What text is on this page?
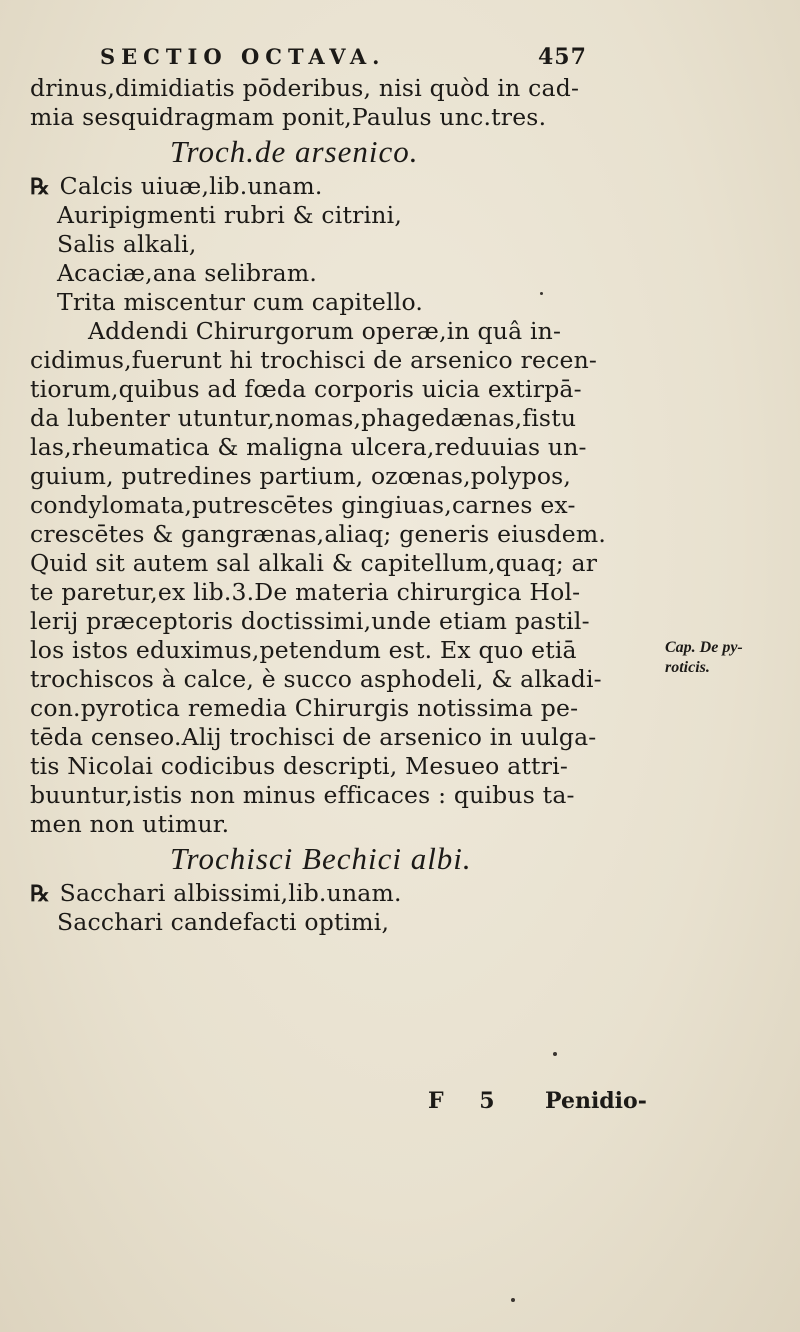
SECTIO OCTAVA.	457
drinus,dimidiatis pōderibus, nisi quòd in cad-
mia sesquidragmam ponit,Paulus unc.tres.
Troch.de arsenico.
℞ Calcis uiuæ,lib.unam.
Auripigmenti rubri & citrini,
Salis alkali,
Acaciæ,ana selibram.
Trita miscentur cum capitello.
Addendi Chirurgorum operæ,in quâ in-
cidimus,fuerunt hi trochisci de arsenico recen-
tiorum,quibus ad fœda corporis uicia extirpā-
da lubenter utuntur,nomas,phagedænas,fistu
las,rheumatica & maligna ulcera,reduuias un-
guium, putredines partium, ozœnas,polypos,
condylomata,putrescētes gingiuas,carnes ex-
crescētes & gangrænas,aliaq; generis eiusdem.
Quid sit autem sal alkali & capitellum,quaq; ar
te paretur,ex lib.3.De materia chirurgica Hol-
lerij præceptoris doctissimi,unde etiam pastil-
los istos eduximus,petendum est. Ex quo etiā
trochiscos à calce, è succo asphodeli, & alkadi-
con.pyrotica remedia Chirurgis notissima pe-
tēda censeo.Alij trochisci de arsenico in uulga-
tis Nicolai codicibus descripti, Mesueo attri-
buuntur,istis non minus efficaces : quibus ta-
men non utimur.
Trochisci Bechici albi.
℞ Sacchari albissimi,lib.unam.
Sacchari candefacti optimi,
Cap. De py-
roticis.
F 5 Penidio-
